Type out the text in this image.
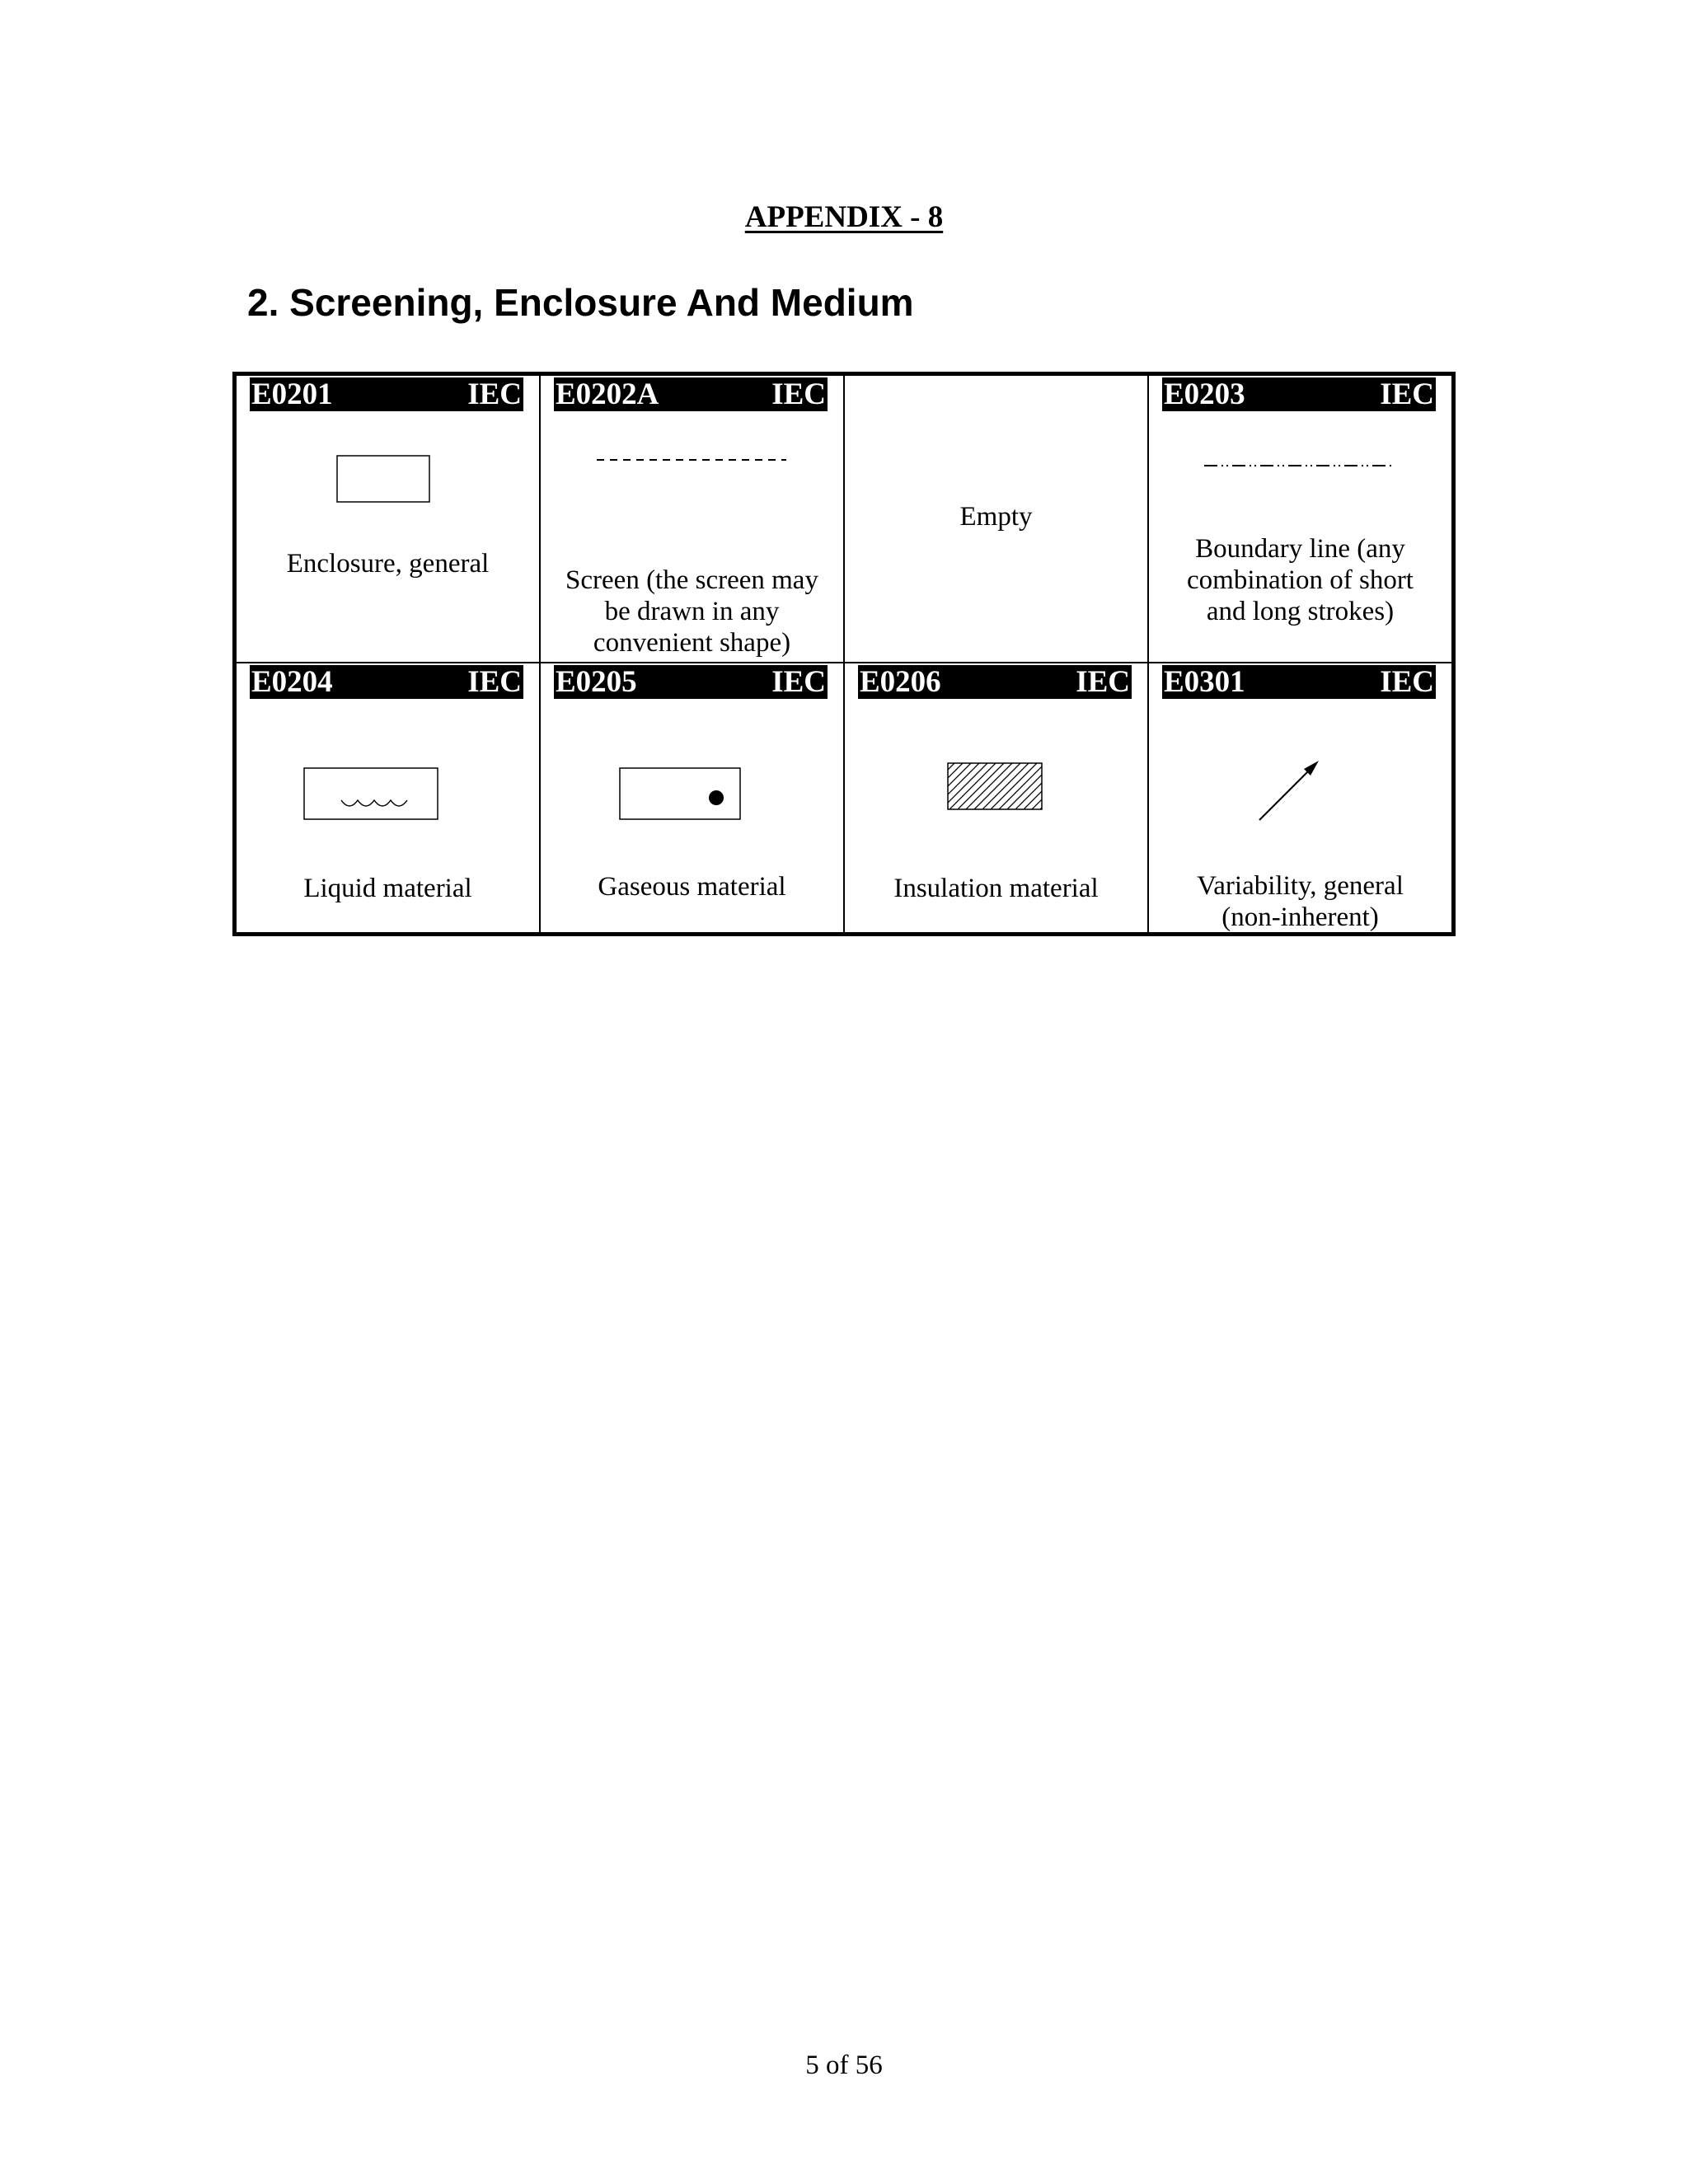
APPENDIX - 8
2. Screening, Enclosure And Medium
E0201	IEC
Enclosure, general
E0202A	IEC
Screen (the screen may
be drawn in any
convenient shape)
Empty
E0203	IEC
Boundary line (any
combination of short
and long strokes)
E0204	IEC
Liquid material
E0205	IEC
Gaseous material
E0206	IEC
Insulation material
E0301	IEC
Variability, general
(non-inherent)
5 of 56
